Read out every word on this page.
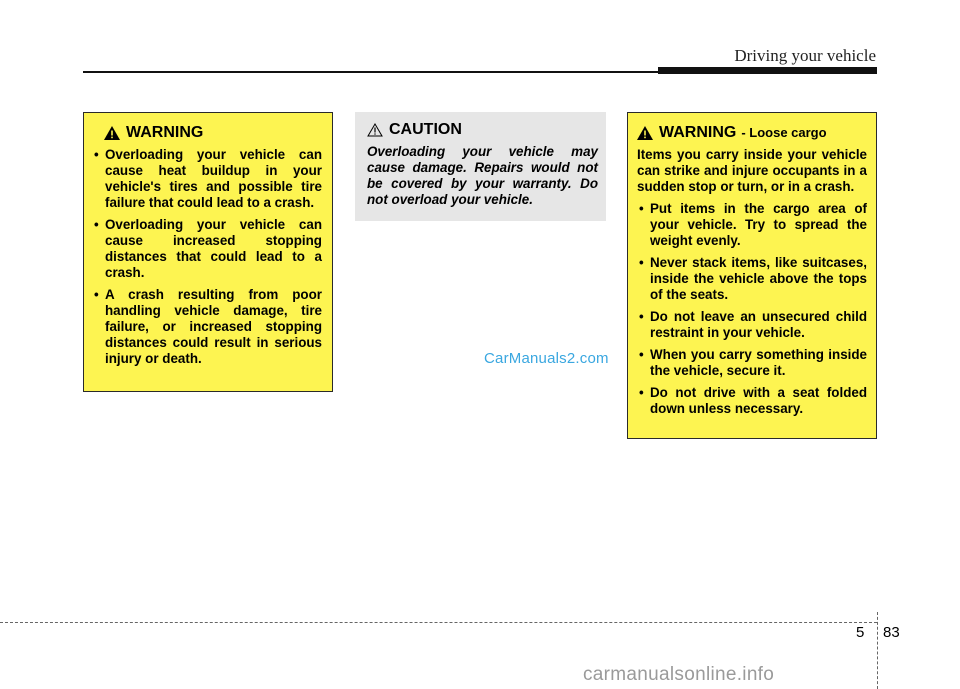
Driving your vehicle
WARNING
• Overloading your vehicle can cause heat buildup in your vehicle's tires and possible tire failure that could lead to a crash.
• Overloading your vehicle can cause increased stopping distances that could lead to a crash.
• A crash resulting from poor handling vehicle damage, tire failure, or increased stopping distances could result in serious injury or death.
CAUTION
Overloading your vehicle may cause damage. Repairs would not be covered by your warranty. Do not overload your vehicle.
WARNING - Loose cargo
Items you carry inside your vehicle can strike and injure occupants in a sudden stop or turn, or in a crash.
• Put items in the cargo area of your vehicle. Try to spread the weight evenly.
• Never stack items, like suitcases, inside the vehicle above the tops of the seats.
• Do not leave an unsecured child restraint in your vehicle.
• When you carry something inside the vehicle, secure it.
• Do not drive with a seat folded down unless necessary.
CarManuals2.com
5 83
carmanualsonline.info
